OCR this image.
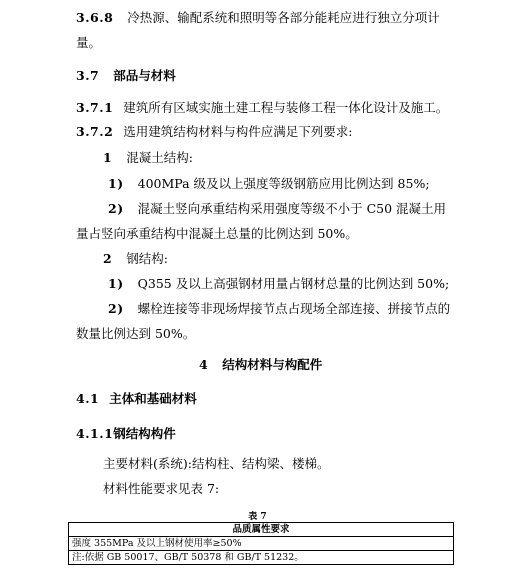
3.6.8 冷热源、输配系统和照明等各部分能耗应进行独立分项计
量。
3.7 部品与材料
3.7.1 建筑所有区域实施土建工程与装修工程一体化设计及施工。
3.7.2 选用建筑结构材料与构件应满足下列要求:
1 混凝土结构:
1) 400MPa 级及以上强度等级钢筋应用比例达到 85%;
2) 混凝土竖向承重结构采用强度等级不小于 C50 混凝土用
量占竖向承重结构中混凝土总量的比例达到 50%。
2 钢结构:
1) Q355 及以上高强钢材用量占钢材总量的比例达到 50%;
2) 螺栓连接等非现场焊接节点占现场全部连接、拼接节点的
数量比例达到 50%。
4 结构材料与构配件
4.1 主体和基础材料
4.1.1钢结构构件
主要材料(系统):结构柱、结构梁、楼梯。
材料性能要求见表 7:
表 7
品质属性要求
强度 355MPa 及以上钢材使用率≥50%
注:依据 GB 50017、GB/T 50378 和 GB/T 51232。
